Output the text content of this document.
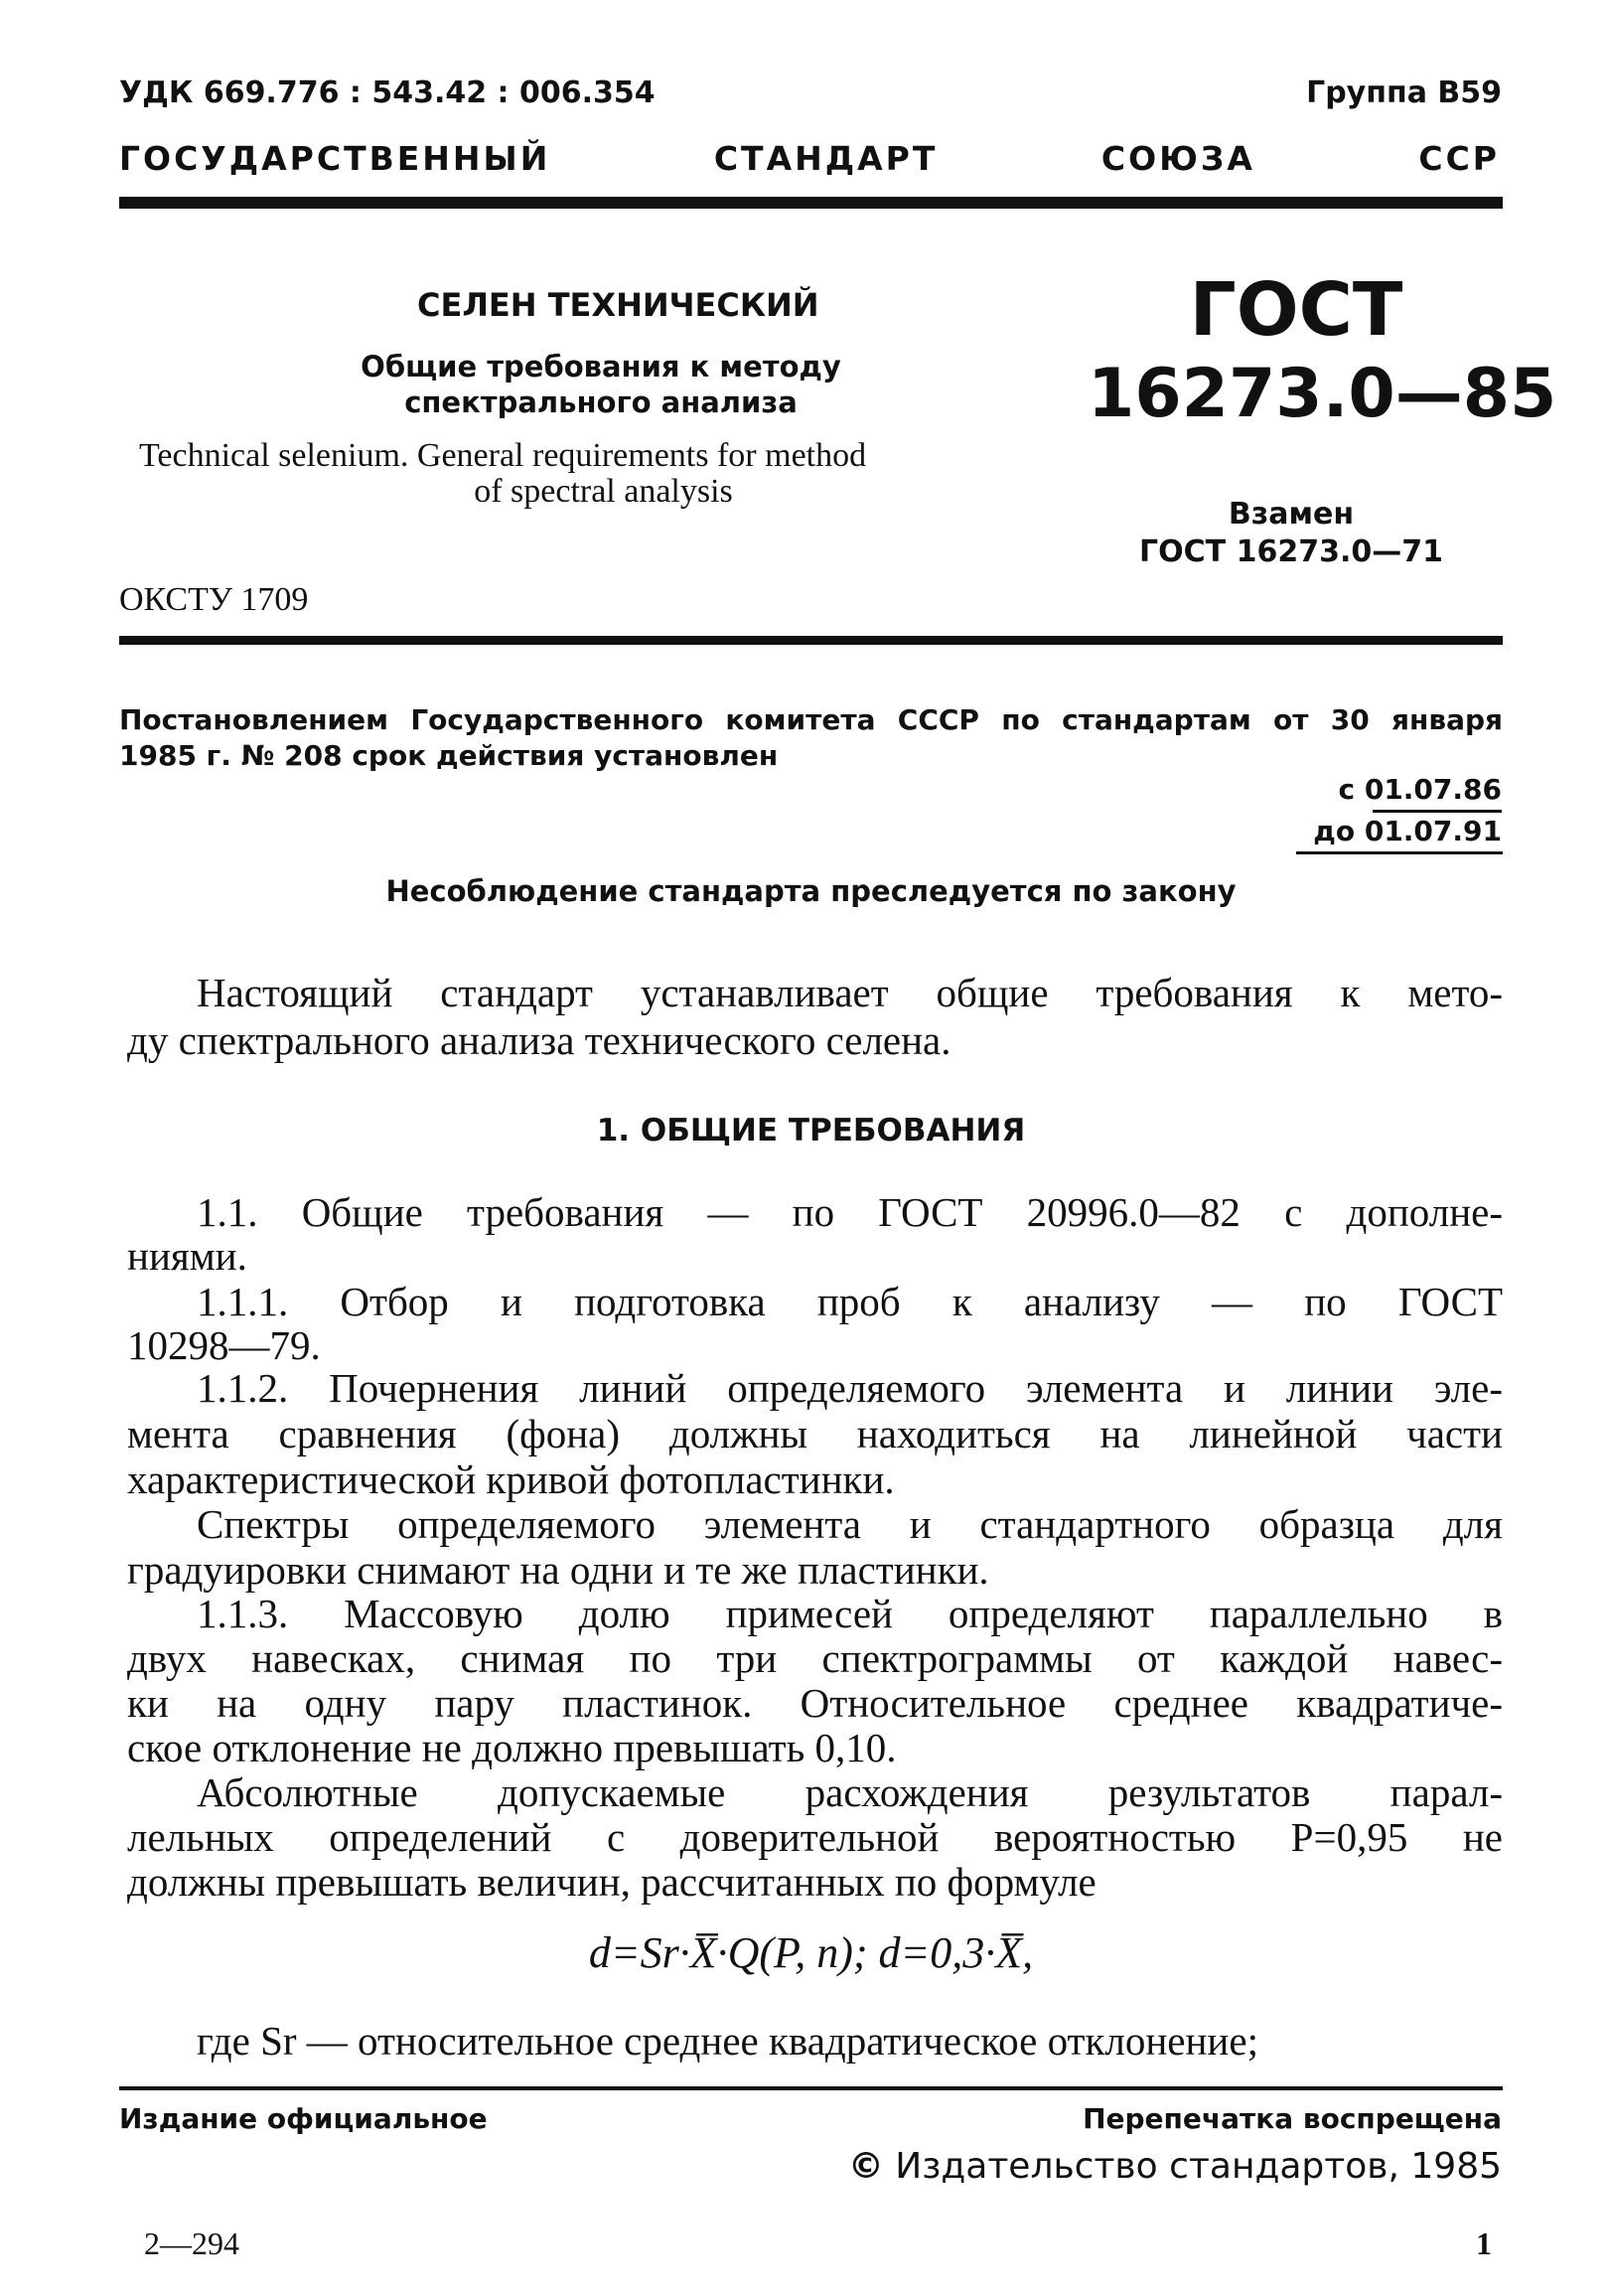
УДК 669.776 : 543.42 : 006.354	Группа B59
ГОСУДАРСТВЕННЫЙ СТАНДАРТ СОЮЗА ССР
СЕЛЕН ТЕХНИЧЕСКИЙ
Общие требования к методу
спектрального анализа
Technical selenium. General requirements for method
of spectral analysis
ГОСТ
16273.0—85
Взамен
ГОСТ 16273.0—71
ОКСТУ 1709
Постановлением Государственного комитета СССР по стандартам от 30 января
1985 г. № 208 срок действия установлен
с 01.07.86
до 01.07.91
Несоблюдение стандарта преследуется по закону
Настоящий стандарт устанавливает общие требования к мето-
ду спектрального анализа технического селена.
1. ОБЩИЕ ТРЕБОВАНИЯ
1.1. Общие требования — по ГОСТ 20996.0—82 с дополне-
ниями.
1.1.1. Отбор и подготовка проб к анализу — по ГОСТ
10298—79.
1.1.2. Почернения линий определяемого элемента и линии эле-
мента сравнения (фона) должны находиться на линейной части
характеристической кривой фотопластинки.
Спектры определяемого элемента и стандартного образца для
градуировки снимают на одни и те же пластинки.
1.1.3. Массовую долю примесей определяют параллельно в
двух навесках, снимая по три спектрограммы от каждой навес-
ки на одну пару пластинок. Относительное среднее квадратиче-
ское отклонение не должно превышать 0,10.
Абсолютные допускаемые расхождения результатов парал-
лельных определений с доверительной вероятностью P=0,95 не
должны превышать величин, рассчитанных по формуле
d=Sr·X̅·Q(P, n); d=0,3·X̅,
где Sr — относительное среднее квадратическое отклонение;
Издание официальное	Перепечатка воспрещена
© Издательство стандартов, 1985
2—294	1
